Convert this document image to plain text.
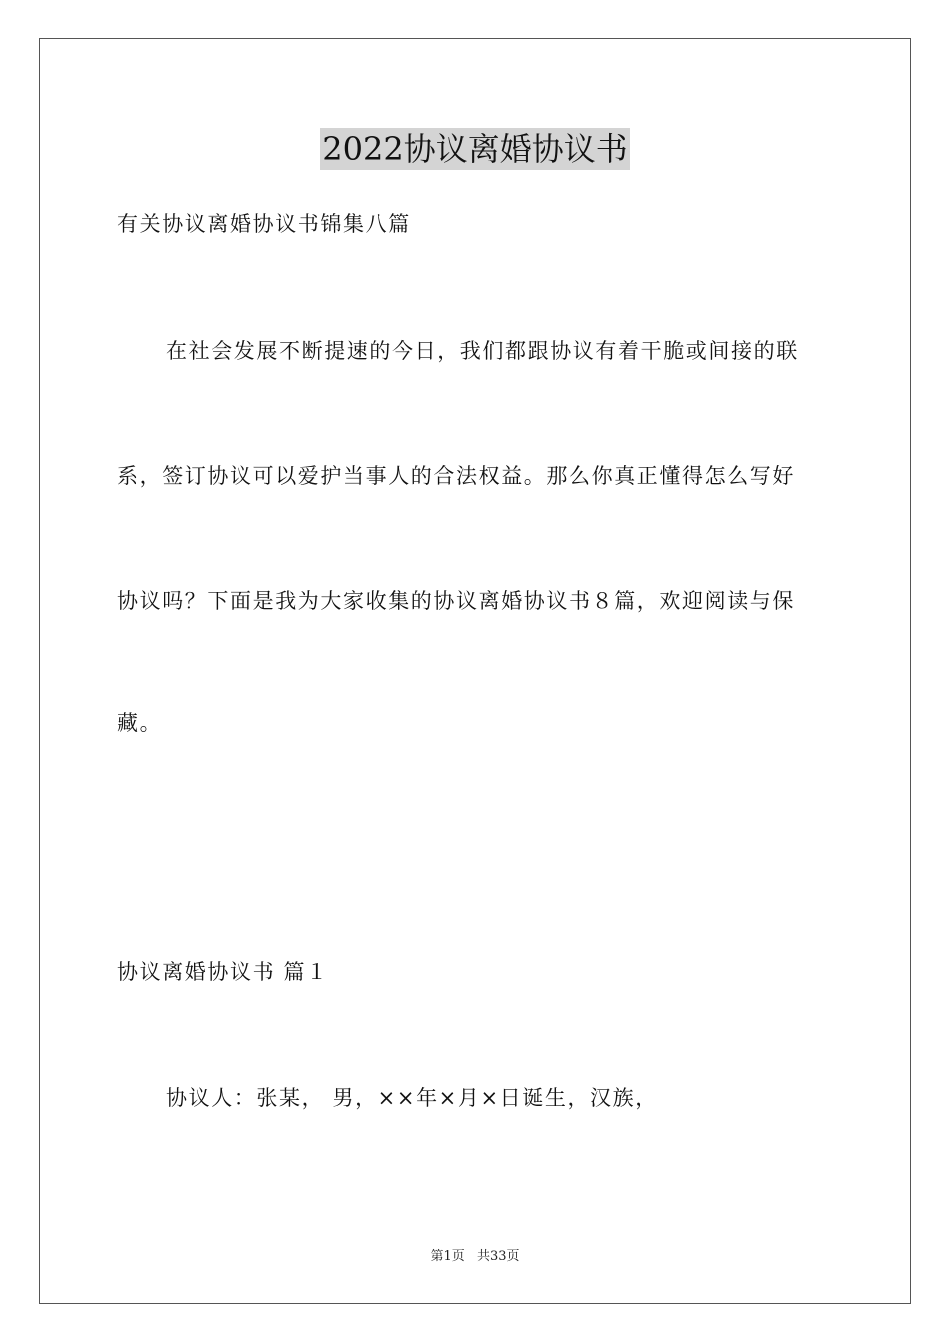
2022协议离婚协议书
有关协议离婚协议书锦集八篇
在社会发展不断提速的今日，我们都跟协议有着干脆或间接的联
系，签订协议可以爱护当事人的合法权益。那么你真正懂得怎么写好
协议吗？下面是我为大家收集的协议离婚协议书８篇，欢迎阅读与保
藏。
协议离婚协议书 篇１
协议人：张某， 男，××年×月×日诞生，汉族，
第1页 共33页
